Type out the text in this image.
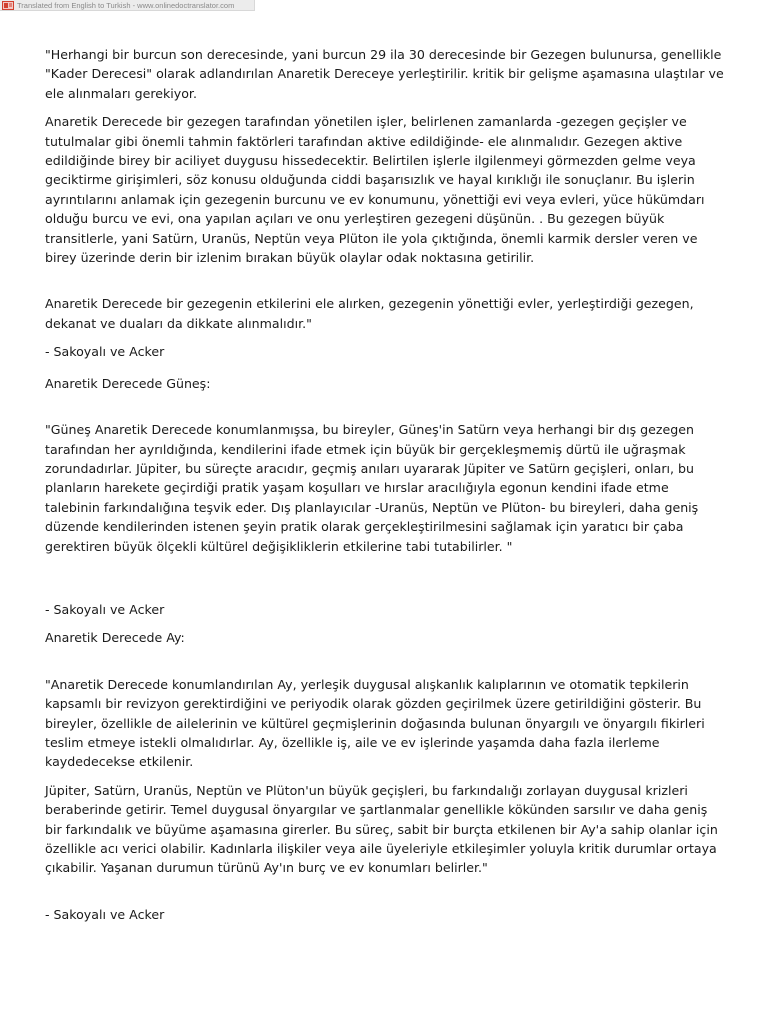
Translated from English to Turkish - www.onlinedoctranslator.com

"Herhangi bir burcun son derecesinde, yani burcun 29 ila 30 derecesinde bir Gezegen bulunursa, genellikle "Kader Derecesi" olarak adlandırılan Anaretik Dereceye yerleştirilir. kritik bir gelişme aşamasına ulaştılar ve ele alınmaları gerekiyor.

Anaretik Derecede bir gezegen tarafından yönetilen işler, belirlenen zamanlarda -gezegen geçişler ve tutulmalar gibi önemli tahmin faktörleri tarafından aktive edildiğinde- ele alınmalıdır. Gezegen aktive edildiğinde birey bir aciliyet duygusu hissedecektir. Belirtilen işlerle ilgilenmeyi görmezden gelme veya geciktirme girişimleri, söz konusu olduğunda ciddi başarısızlık ve hayal kırıklığı ile sonuçlanır. Bu işlerin ayrıntılarını anlamak için gezegenin burcunu ve ev konumunu, yönettiği evi veya evleri, yüce hükümdarı olduğu burcu ve evi, ona yapılan açıları ve onu yerleştiren gezegeni düşünün. . Bu gezegen büyük transitlerle, yani Satürn, Uranüs, Neptün veya Plüton ile yola çıktığında, önemli karmik dersler veren ve birey üzerinde derin bir izlenim bırakan büyük olaylar odak noktasına getirilir.

Anaretik Derecede bir gezegenin etkilerini ele alırken, gezegenin yönettiği evler, yerleştirdiği gezegen, dekanat ve duaları da dikkate alınmalıdır."

- Sakoyalı ve Acker

Anaretik Derecede Güneş:

"Güneş Anaretik Derecede konumlanmışsa, bu bireyler, Güneş'in Satürn veya herhangi bir dış gezegen tarafından her ayrıldığında, kendilerini ifade etmek için büyük bir gerçekleşmemiş dürtü ile uğraşmak zorundadırlar. Jüpiter, bu süreçte aracıdır, geçmiş anıları uyararak Jüpiter ve Satürn geçişleri, onları, bu planların harekete geçirdiği pratik yaşam koşulları ve hırslar aracılığıyla egonun kendini ifade etme talebinin farkındalığına teşvik eder. Dış planlayıcılar -Uranüs, Neptün ve Plüton- bu bireyleri, daha geniş düzende kendilerinden istenen şeyin pratik olarak gerçekleştirilmesini sağlamak için yaratıcı bir çaba gerektiren büyük ölçekli kültürel değişikliklerin etkilerine tabi tutabilirler. "

- Sakoyalı ve Acker

Anaretik Derecede Ay:

"Anaretik Derecede konumlandırılan Ay, yerleşik duygusal alışkanlık kalıplarının ve otomatik tepkilerin kapsamlı bir revizyon gerektirdiğini ve periyodik olarak gözden geçirilmek üzere getirildiğini gösterir. Bu bireyler, özellikle de ailelerinin ve kültürel geçmişlerinin doğasında bulunan önyargılı ve önyargılı fikirleri teslim etmeye istekli olmalıdırlar. Ay, özellikle iş, aile ve ev işlerinde yaşamda daha fazla ilerleme kaydedecekse etkilenir.

Jüpiter, Satürn, Uranüs, Neptün ve Plüton'un büyük geçişleri, bu farkındalığı zorlayan duygusal krizleri beraberinde getirir. Temel duygusal önyargılar ve şartlanmalar genellikle kökünden sarsılır ve daha geniş bir farkındalık ve büyüme aşamasına girerler. Bu süreç, sabit bir burçta etkilenen bir Ay'a sahip olanlar için özellikle acı verici olabilir. Kadınlarla ilişkiler veya aile üyeleriyle etkileşimler yoluyla kritik durumlar ortaya çıkabilir. Yaşanan durumun türünü Ay'ın burç ve ev konumları belirler."

- Sakoyalı ve Acker
